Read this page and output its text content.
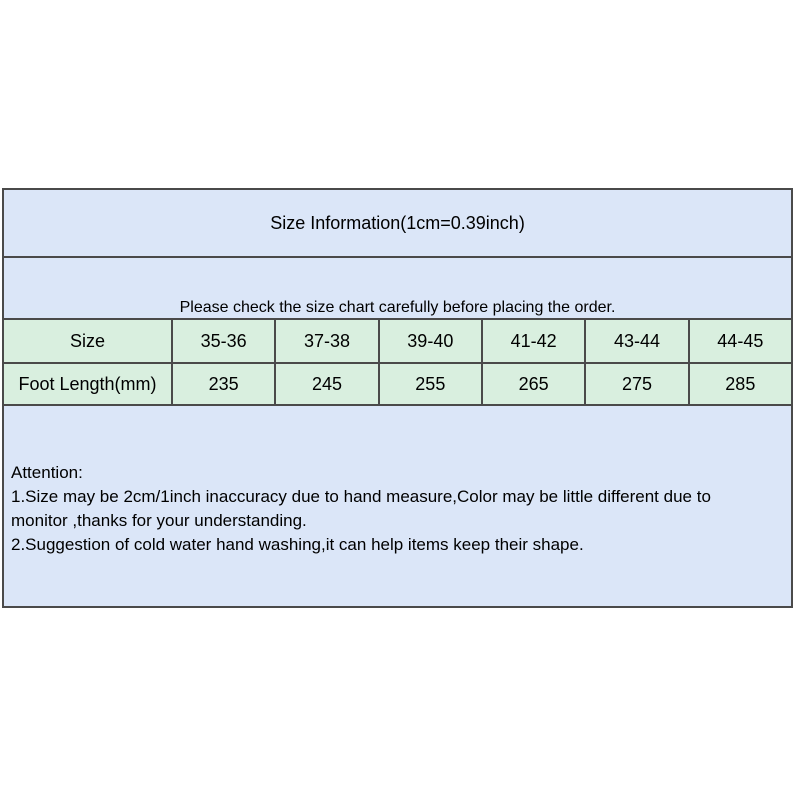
Size Information(1cm=0.39inch)
Please check the size chart carefully before placing the order.
Size	35-36	37-38	39-40	41-42	43-44	44-45
Foot Length(mm)	235	245	255	265	275	285
Attention:
1.Size may be 2cm/1inch inaccuracy due to hand measure,Color may be little different due to
monitor ,thanks for your understanding.
2.Suggestion of cold water hand washing,it can help items keep their shape.
